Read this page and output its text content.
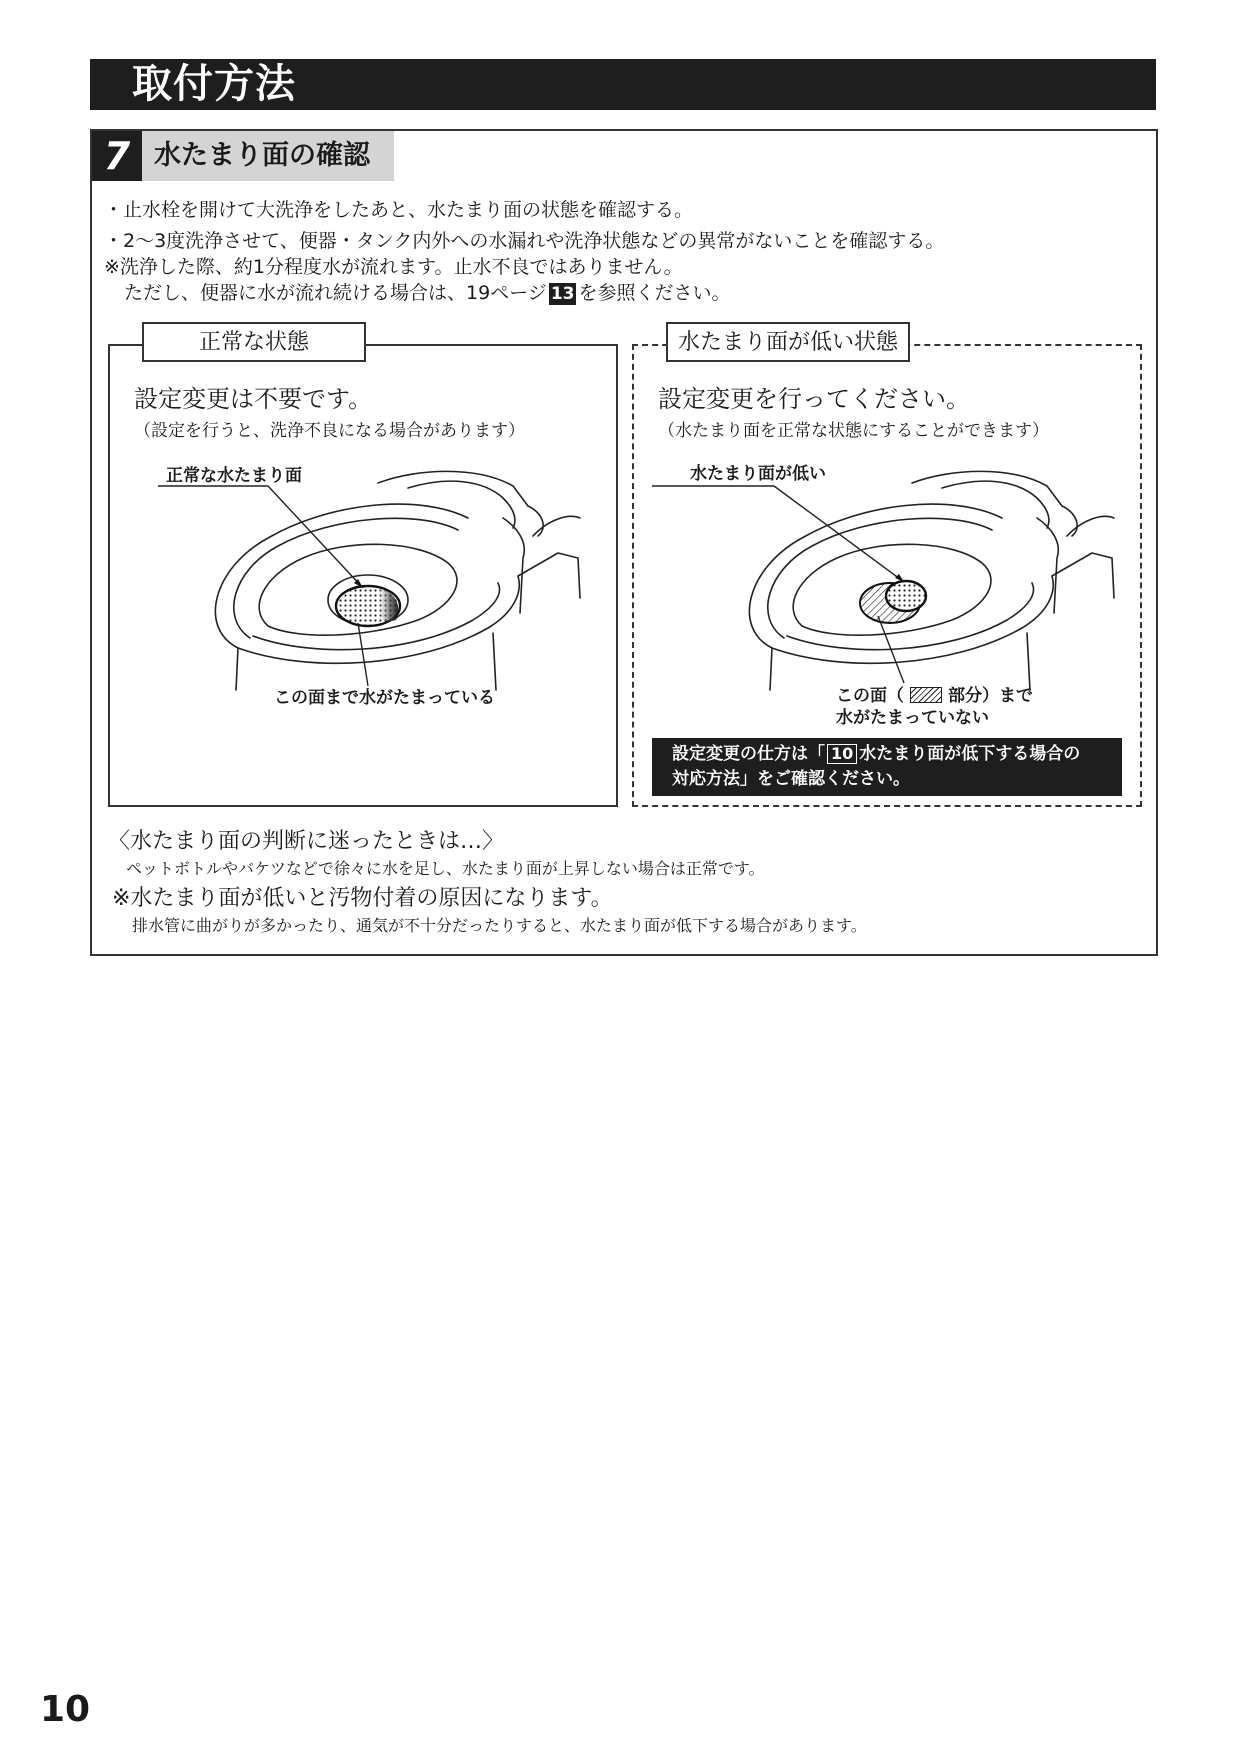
取付方法
7 水たまり面の確認
・止水栓を開けて大洗浄をしたあと、水たまり面の状態を確認する。
・2～3度洗浄させて、便器・タンク内外への水漏れや洗浄状態などの異常がないことを確認する。
※洗浄した際、約1分程度水が流れます。止水不良ではありません。
ただし、便器に水が流れ続ける場合は、19ページ 13 を参照ください。
正常な状態
設定変更は不要です。
（設定を行うと、洗浄不良になる場合があります）
正常な水たまり面
この面まで水がたまっている
水たまり面が低い状態
設定変更を行ってください。
（水たまり面を正常な状態にすることができます）
水たまり面が低い
この面（	部分）まで
水がたまっていない
設定変更の仕方は「 10 水たまり面が低下する場合の
対応方法」をご確認ください。
〈水たまり面の判断に迷ったときは…〉
ペットボトルやバケツなどで徐々に水を足し、水たまり面が上昇しない場合は正常です。
※水たまり面が低いと汚物付着の原因になります。
排水管に曲がりが多かったり、通気が不十分だったりすると、水たまり面が低下する場合があります。
10
